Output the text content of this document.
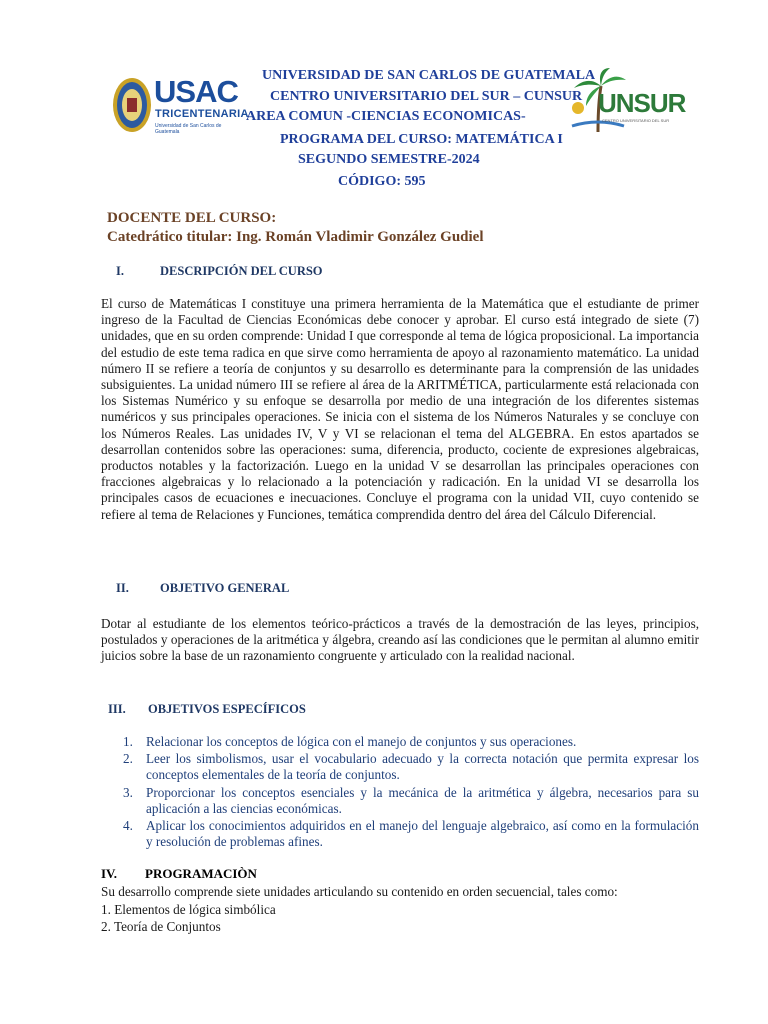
USAC
TRICENTENARIA
Universidad de San Carlos de Guatemala
UNSUR
CENTRO UNIVERSITARIO DEL SUR
UNIVERSIDAD DE SAN CARLOS DE GUATEMALA
CENTRO UNIVERSITARIO DEL SUR – CUNSUR
AREA COMUN -CIENCIAS ECONOMICAS-
PROGRAMA DEL CURSO: MATEMÁTICA I
SEGUNDO SEMESTRE-2024
CÓDIGO: 595
DOCENTE DEL CURSO:
Catedrático titular: Ing. Román Vladimir González Gudiel
I.	DESCRIPCIÓN DEL CURSO
El curso de Matemáticas I constituye una primera herramienta de la Matemática que el estudiante de primer ingreso de la Facultad de Ciencias Económicas debe conocer y aprobar. El curso está integrado de siete (7) unidades, que en su orden comprende: Unidad I que corresponde al tema de lógica proposicional. La importancia del estudio de este tema radica en que sirve como herramienta de apoyo al razonamiento matemático. La unidad número II se refiere a teoría de conjuntos y su desarrollo es determinante para la comprensión de las unidades subsiguientes. La unidad número III se refiere al área de la ARITMÉTICA, particularmente está relacionada con los Sistemas Numérico y su enfoque se desarrolla por medio de una integración de los diferentes sistemas numéricos y sus principales operaciones. Se inicia con el sistema de los Números Naturales y se concluye con los Números Reales. Las unidades IV, V y VI se relacionan el tema del ALGEBRA. En estos apartados se desarrollan contenidos sobre las operaciones: suma, diferencia, producto, cociente de expresiones algebraicas, productos notables y la factorización. Luego en la unidad V se desarrollan las principales operaciones con fracciones algebraicas y lo relacionado a la potenciación y radicación. En la unidad VI se desarrolla los principales casos de ecuaciones e inecuaciones. Concluye el programa con la unidad VII, cuyo contenido se refiere al tema de Relaciones y Funciones, temática comprendida dentro del área del Cálculo Diferencial.
II. OBJETIVO GENERAL
Dotar al estudiante de los elementos teórico-prácticos a través de la demostración de las leyes, principios, postulados y operaciones de la aritmética y álgebra, creando así las condiciones que le permitan al alumno emitir juicios sobre la base de un razonamiento congruente y articulado con la realidad nacional.
III. OBJETIVOS ESPECÍFICOS
1. Relacionar los conceptos de lógica con el manejo de conjuntos y sus operaciones.
2. Leer los simbolismos, usar el vocabulario adecuado y la correcta notación que permita expresar los conceptos elementales de la teoría de conjuntos.
3. Proporcionar los conceptos esenciales y la mecánica de la aritmética y álgebra, necesarios para su aplicación a las ciencias económicas.
4. Aplicar los conocimientos adquiridos en el manejo del lenguaje algebraico, así como en la formulación y resolución de problemas afines.
IV. PROGRAMACIÒN
Su desarrollo comprende siete unidades articulando su contenido en orden secuencial, tales como:
1. Elementos de lógica simbólica
2. Teoría de Conjuntos
